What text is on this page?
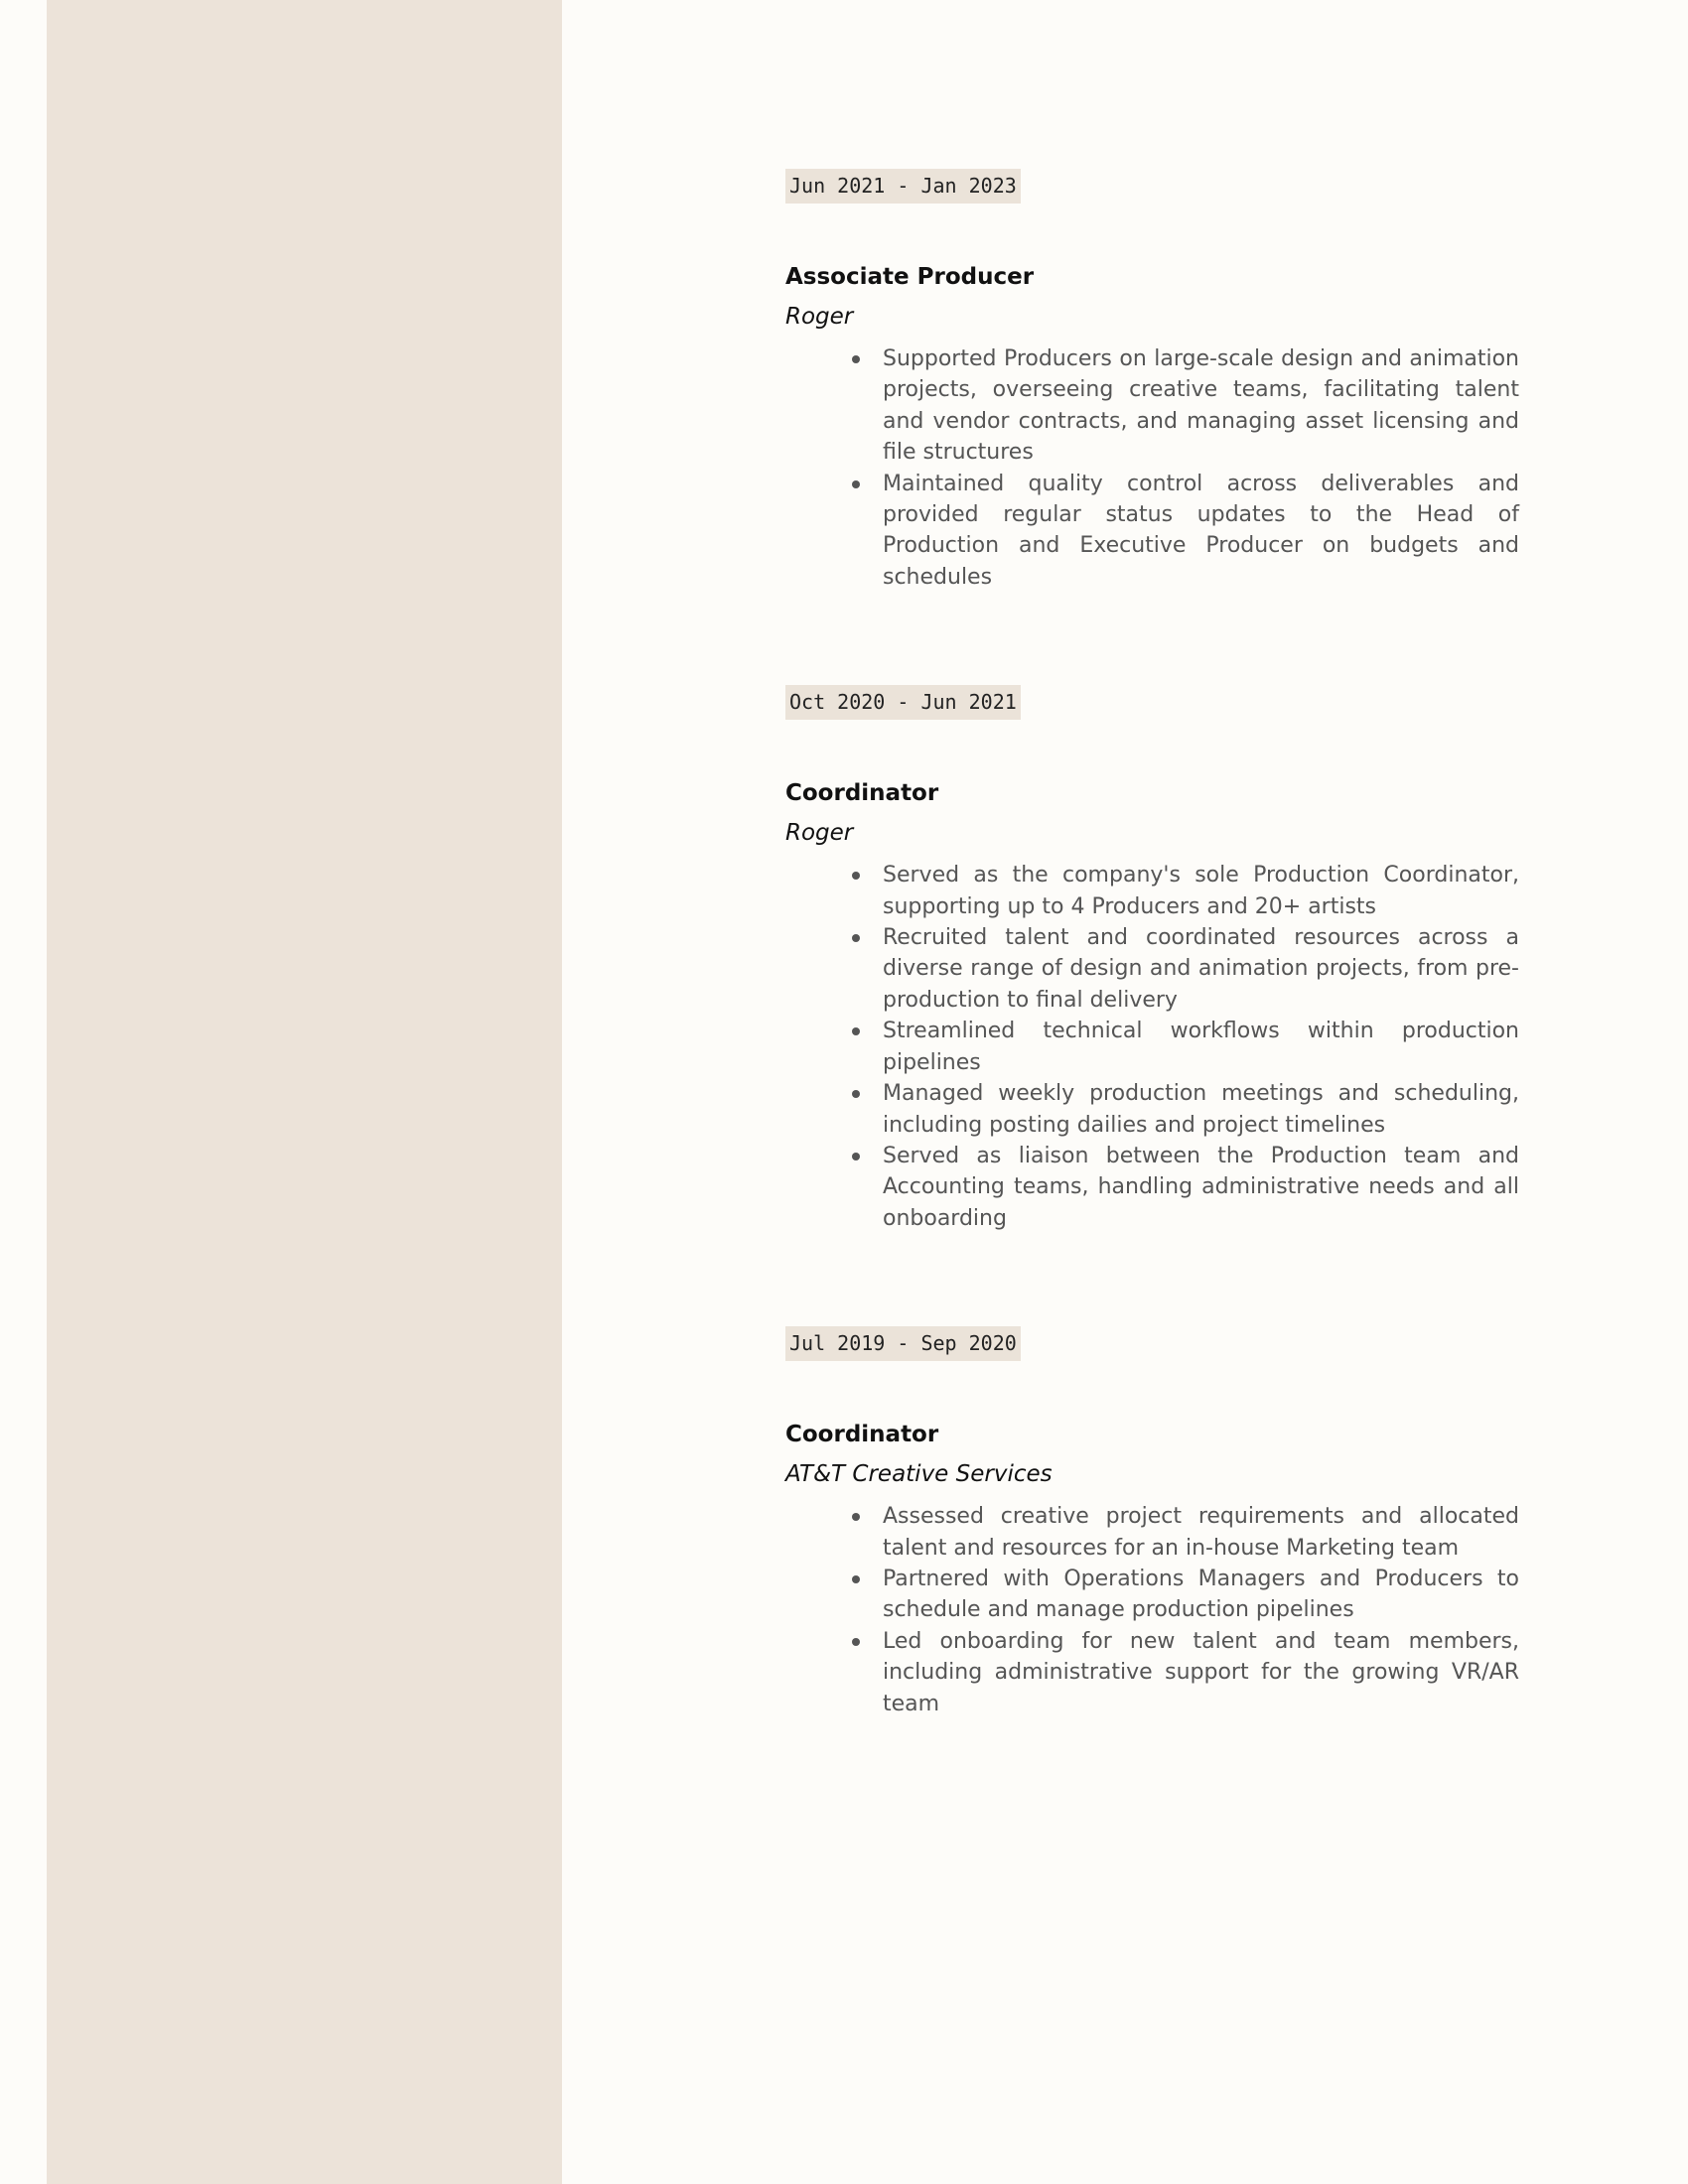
Jun 2021 - Jan 2023

Associate Producer

Roger

Supported Producers on large-scale design and animation projects, overseeing creative teams, facilitating talent and vendor contracts, and managing asset licensing and file structures
Maintained quality control across deliverables and provided regular status updates to the Head of Production and Executive Producer on budgets and schedules
Oct 2020 - Jun 2021

Coordinator

Roger

Served as the company's sole Production Coordinator, supporting up to 4 Producers and 20+ artists
Recruited talent and coordinated resources across a diverse range of design and animation projects, from pre-production to final delivery
Streamlined technical workflows within production pipelines
Managed weekly production meetings and scheduling, including posting dailies and project timelines
Served as liaison between the Production team and Accounting teams, handling administrative needs and all onboarding
Jul 2019 - Sep 2020

Coordinator

AT&T Creative Services

Assessed creative project requirements and allocated talent and resources for an in-house Marketing team
Partnered with Operations Managers and Producers to schedule and manage production pipelines
Led onboarding for new talent and team members, including administrative support for the growing VR/AR team
